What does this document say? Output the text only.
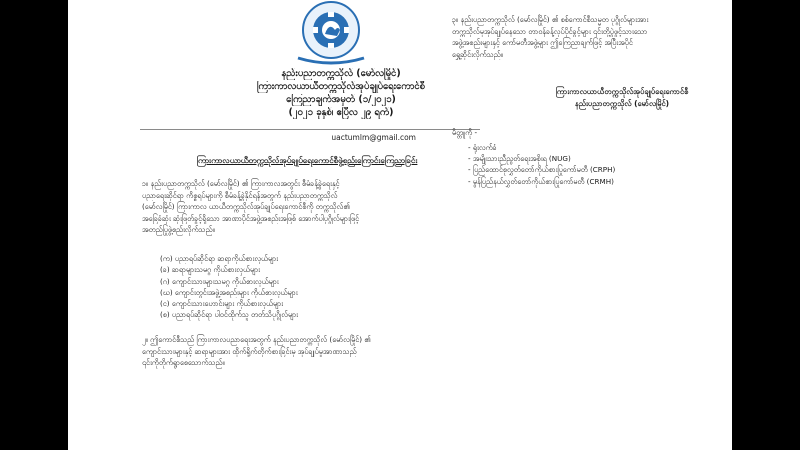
နည်းပညာတက္ကသိုလ် (မော်လမြိုင်)
ကြားကာလယာယီတက္ကသိုလ်အုပ်ချုပ်ရေးကောင်စီ
ကြေညာချက်အမှတ် (၁/၂၀၂၁)
(၂၀၂၁ ခုနှစ်၊ ဧပြီလ ၂၉ ရက်)
uactumlm@gmail.com
ကြားကာလယာယီတက္ကသိုလ်အုပ်ချုပ်ရေးကောင်စီဖွဲ့စည်းကြောင်းကြေညာခြင်း
၁။ နည်းပညာတက္ကသိုလ် (မော်လမြိုင်) ၏ ကြားကာလအတွင်း စီမံခန့်ခွဲရေးနှင့်
ပညာရေးဆိုင်ရာ ကိစ္စရပ်များကို စီမံခန့်ခွဲနိုင်ရန်အတွက် နည်းပညာတက္ကသိုလ်
(မော်လမြိုင်) ကြားကာလ ယာယီတက္ကသိုလ်အုပ်ချုပ်ရေးကောင်စီကို တက္ကသိုလ်၏
အခြေခံဆုံး ဆုံးဖြတ်ခွင့်ရှိသော အာဏာပိုင်အဖွဲ့အစည်းအဖြစ် အောက်ပါပုဂ္ဂိုလ်များဖြင့်
အတည်ပြုဖွဲ့စည်းလိုက်သည်။
(က) ပညာရပ်ဆိုင်ရာ ဆရာကိုယ်စားလှယ်များ
(ခ) ဆရာများသမဂ္ဂ ကိုယ်စားလှယ်များ
(ဂ) ကျောင်းသားများသမဂ္ဂ ကိုယ်စားလှယ်များ
(ဃ) ကျောင်းတွင်းအဖွဲ့အစည်းများ ကိုယ်စားလှယ်များ
(င) ကျောင်းသားဟောင်းများ ကိုယ်စားလှယ်များ
(စ) ပညာရပ်ဆိုင်ရာ ပါဝင်ထိုက်သူ တတ်သိပုဂ္ဂိုလ်များ
၂။ ဤကောင်စီသည် ကြားကာလပညာရေးအတွက် နည်းပညာတက္ကသိုလ် (မော်လမြိုင်) ၏
ကျောင်းသားများနှင့် ဆရာများအား ထိုက်ရှိုက်တိုက်စားခြင်းမှ အုပ်ချုပ်မှုအာဏာသည်
၎င်းကိုတိုက်ရွာစေသောက်သည်။
၃။ နည်းပညာတက္ကသိုလ် (မော်လမြိုင်) ၏ စစ်ကောင်စီသမ္မတ ပုဂ္ဂိုလ်များအား
တက္ကသိုလ်မှအုပ်ချုပ်နေသော တာဝန်ခန့်လုပ်ပိုင်ခွင့်များ ၎င်းတို့ပွဲဖွင့်သားသော
အဖွဲ့အစည်းများနှင့် ကော်မတီအဖွဲ့များ ဤကြေညာချက်ဖြင့် အပြီးအပိုင်
ရွှေ့ဆိုင်းလိုက်သည်။
ကြားကာလယာယီတက္ကသိုလ်အုပ်ချုပ်ရေးကောင်စီ
နည်းပညာတက္ကသိုလ် (မော်လမြိုင်)
မိတ္တူကို -
- ရုံးလက်ခံ
- အမျိုးသားညီညွတ်ရေးအစိုးရ (NUG)
- ပြည်ထောင်စုလွှတ်တော်ကိုယ်စားပြုကော်မတီ (CRPH)
- မွန်ပြည်နယ်လွှတ်တော်ကိုယ်စားပြုကော်မတီ (CRMH)
